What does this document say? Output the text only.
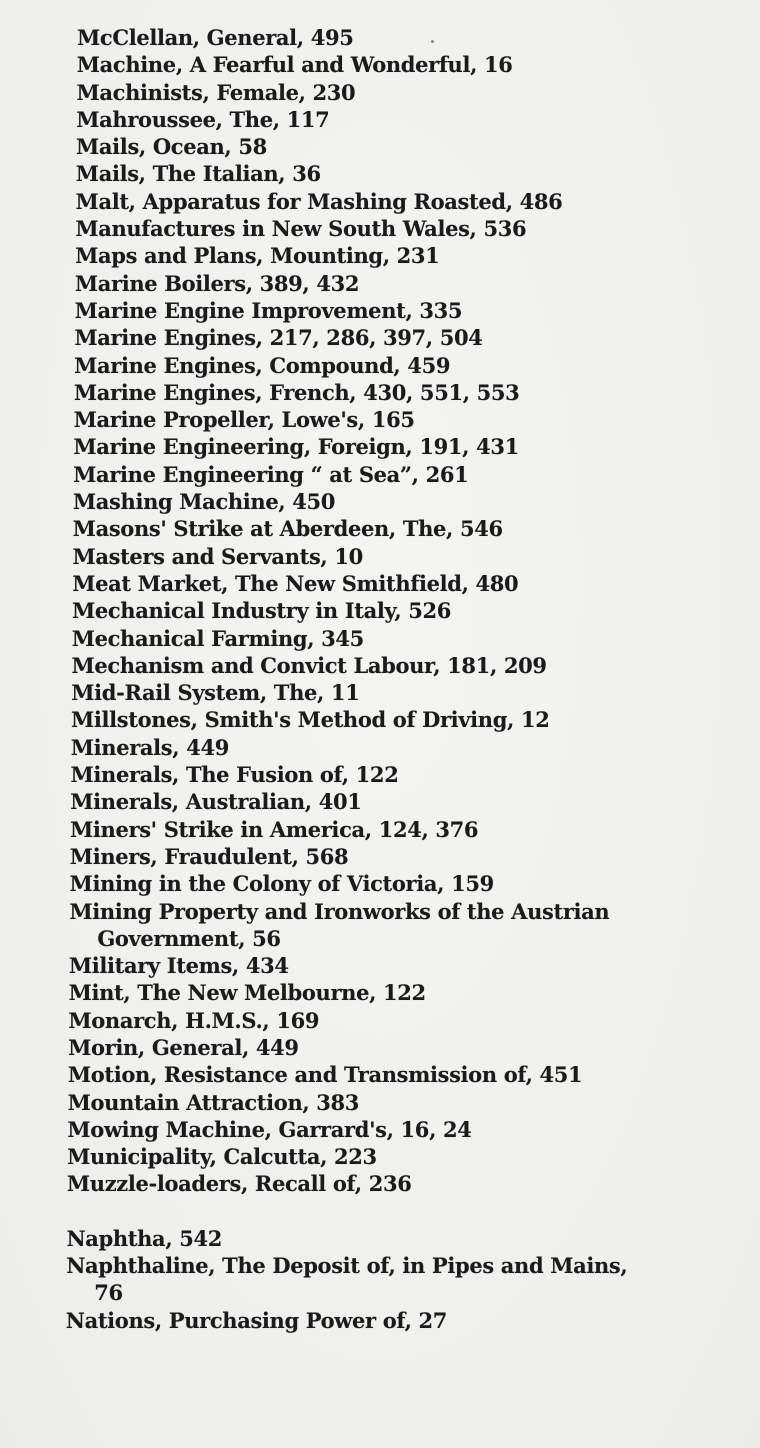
McClellan, General, 495
Machine, A Fearful and Wonderful, 16
Machinists, Female, 230
Mahroussee, The, 117
Mails, Ocean, 58
Mails, The Italian, 36
Malt, Apparatus for Mashing Roasted, 486
Manufactures in New South Wales, 536
Maps and Plans, Mounting, 231
Marine Boilers, 389, 432
Marine Engine Improvement, 335
Marine Engines, 217, 286, 397, 504
Marine Engines, Compound, 459
Marine Engines, French, 430, 551, 553
Marine Propeller, Lowe's, 165
Marine Engineering, Foreign, 191, 431
Marine Engineering “ at Sea”, 261
Mashing Machine, 450
Masons' Strike at Aberdeen, The, 546
Masters and Servants, 10
Meat Market, The New Smithfield, 480
Mechanical Industry in Italy, 526
Mechanical Farming, 345
Mechanism and Convict Labour, 181, 209
Mid-Rail System, The, 11
Millstones, Smith's Method of Driving, 12
Minerals, 449
Minerals, The Fusion of, 122
Minerals, Australian, 401
Miners' Strike in America, 124, 376
Miners, Fraudulent, 568
Mining in the Colony of Victoria, 159
Mining Property and Ironworks of the Austrian
Government, 56
Military Items, 434
Mint, The New Melbourne, 122
Monarch, H.M.S., 169
Morin, General, 449
Motion, Resistance and Transmission of, 451
Mountain Attraction, 383
Mowing Machine, Garrard's, 16, 24
Municipality, Calcutta, 223
Muzzle-loaders, Recall of, 236
Naphtha, 542
Naphthaline, The Deposit of, in Pipes and Mains,
76
Nations, Purchasing Power of, 27
